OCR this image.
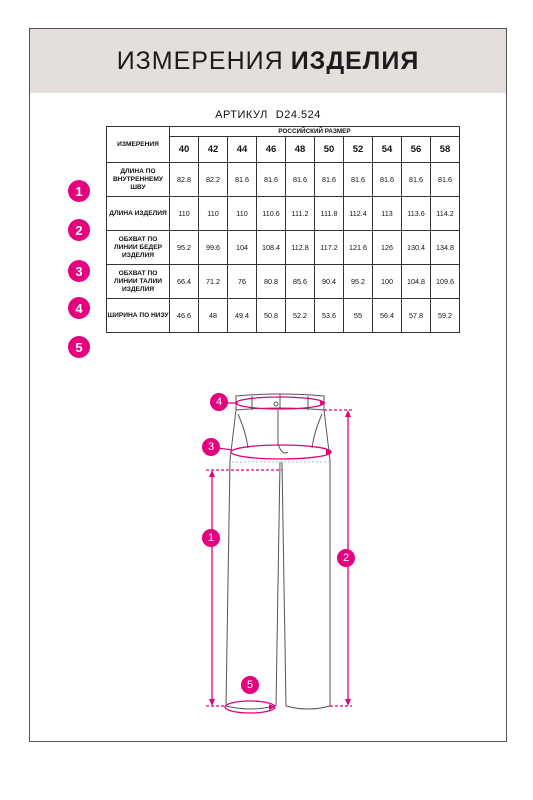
ИЗМЕРЕНИЯ ИЗДЕЛИЯ
АРТИКУЛ D24.524
ИЗМЕРЕНИЯ	РОССИЙСКИЙ РАЗМЕР									
	40	42	44	46	48	50	52	54	56	58
ДЛИНА ПО ВНУТРЕННЕМУ ШВУ	82.8	82.2	81.6	81.6	81.6	81.6	81.6	81.6	81.6	81.6
ДЛИНА ИЗДЕЛИЯ	110	110	110	110.6	111.2	111.8	112.4	113	113.6	114.2
ОБХВАТ ПО ЛИНИИ БЕДЕР ИЗДЕЛИЯ	95.2	99.6	104	108.4	112.8	117.2	121.6	126	130.4	134.8
ОБХВАТ ПО ЛИНИИ ТАЛИИ ИЗДЕЛИЯ	66.4	71.2	76	80.8	85.6	90.4	95.2	100	104.8	109.6
ШИРИНА ПО НИЗУ	46.6	48	49.4	50.8	52.2	53.6	55	56.4	57.8	59.2
1
2
3
4
5
4
3
1
2
5
